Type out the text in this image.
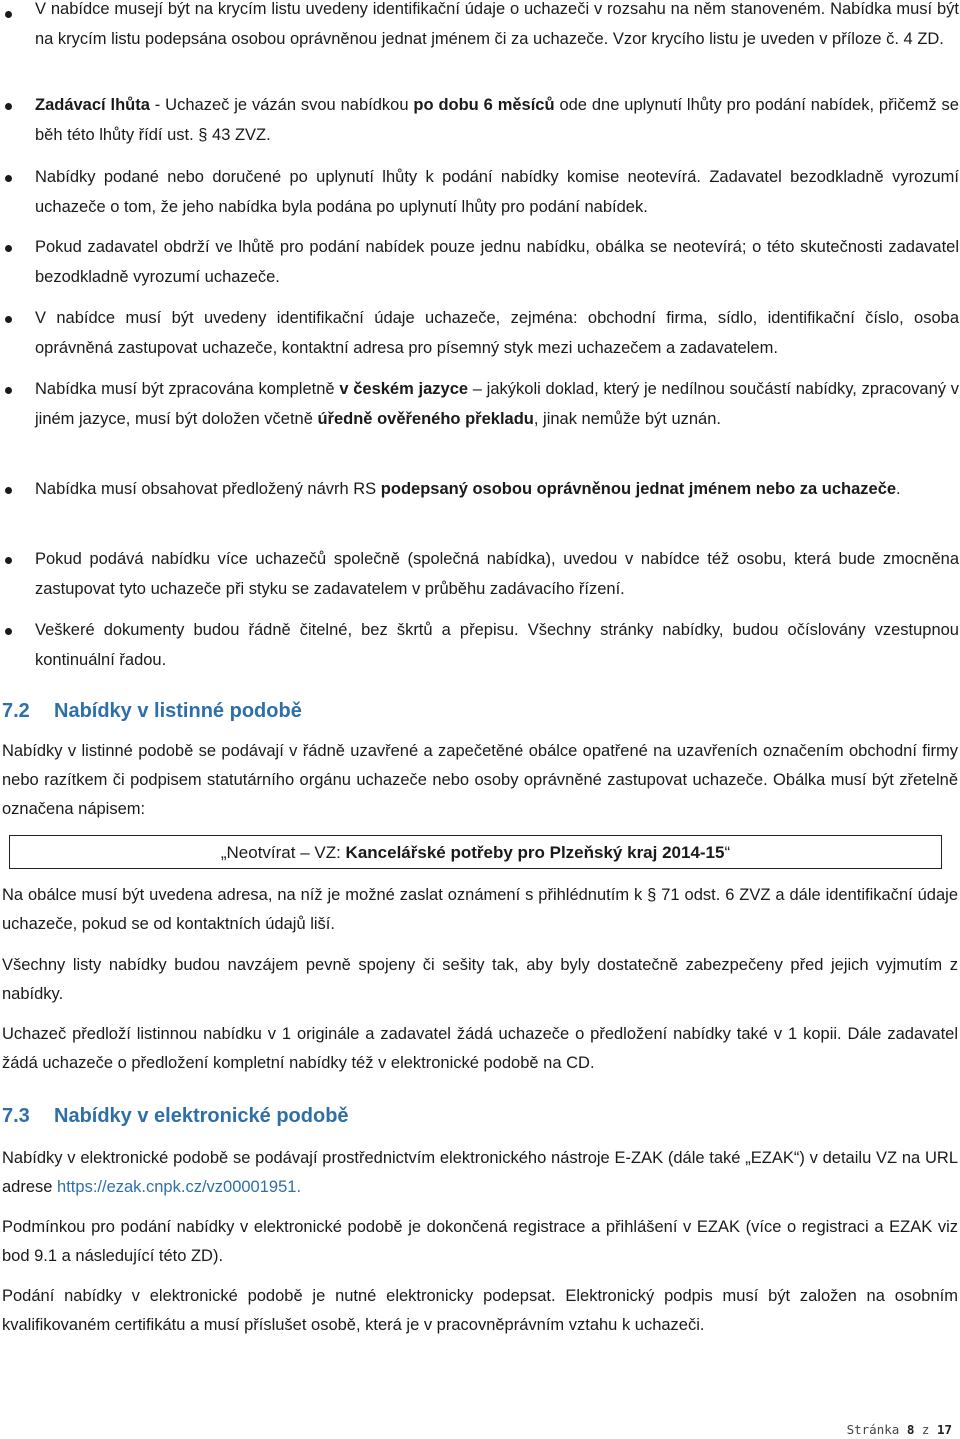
V nabídce musejí být na krycím listu uvedeny identifikační údaje o uchazeči v rozsahu na něm stanoveném. Nabídka musí být na krycím listu podepsána osobou oprávněnou jednat jménem či za uchazeče. Vzor krycího listu je uveden v příloze č. 4 ZD.

Zadávací lhůta - Uchazeč je vázán svou nabídkou po dobu 6 měsíců ode dne uplynutí lhůty pro podání nabídek, přičemž se běh této lhůty řídí ust. § 43 ZVZ.

Nabídky podané nebo doručené po uplynutí lhůty k podání nabídky komise neotevírá. Zadavatel bezodkladně vyrozumí uchazeče o tom, že jeho nabídka byla podána po uplynutí lhůty pro podání nabídek.

Pokud zadavatel obdrží ve lhůtě pro podání nabídek pouze jednu nabídku, obálka se neotevírá; o této skutečnosti zadavatel bezodkladně vyrozumí uchazeče.

V nabídce musí být uvedeny identifikační údaje uchazeče, zejména: obchodní firma, sídlo, identifikační číslo, osoba oprávněná zastupovat uchazeče, kontaktní adresa pro písemný styk mezi uchazečem a zadavatelem.

Nabídka musí být zpracována kompletně v českém jazyce – jakýkoli doklad, který je nedílnou součástí nabídky, zpracovaný v jiném jazyce, musí být doložen včetně úředně ověřeného překladu, jinak nemůže být uznán.

Nabídka musí obsahovat předložený návrh RS podepsaný osobou oprávněnou jednat jménem nebo za uchazeče.

Pokud podává nabídku více uchazečů společně (společná nabídka), uvedou v nabídce též osobu, která bude zmocněna zastupovat tyto uchazeče při styku se zadavatelem v průběhu zadávacího řízení.

Veškeré dokumenty budou řádně čitelné, bez škrtů a přepisu. Všechny stránky nabídky, budou očíslovány vzestupnou kontinuální řadou.

7.2 Nabídky v listinné podobě

Nabídky v listinné podobě se podávají v řádně uzavřené a zapečetěné obálce opatřené na uzavřeních označením obchodní firmy nebo razítkem či podpisem statutárního orgánu uchazeče nebo osoby oprávněné zastupovat uchazeče. Obálka musí být zřetelně označena nápisem:

„Neotvírat – VZ: Kancelářské potřeby pro Plzeňský kraj 2014-15“

Na obálce musí být uvedena adresa, na níž je možné zaslat oznámení s přihlédnutím k § 71 odst. 6 ZVZ a dále identifikační údaje uchazeče, pokud se od kontaktních údajů liší.

Všechny listy nabídky budou navzájem pevně spojeny či sešity tak, aby byly dostatečně zabezpečeny před jejich vyjmutím z nabídky.

Uchazeč předloží listinnou nabídku v 1 originále a zadavatel žádá uchazeče o předložení nabídky také v 1 kopii. Dále zadavatel žádá uchazeče o předložení kompletní nabídky též v elektronické podobě na CD.

7.3 Nabídky v elektronické podobě

Nabídky v elektronické podobě se podávají prostřednictvím elektronického nástroje E-ZAK (dále také „EZAK“) v detailu VZ na URL adrese https://ezak.cnpk.cz/vz00001951.

Podmínkou pro podání nabídky v elektronické podobě je dokončená registrace a přihlášení v EZAK (více o registraci a EZAK viz bod 9.1 a následující této ZD).

Podání nabídky v elektronické podobě je nutné elektronicky podepsat. Elektronický podpis musí být založen na osobním kvalifikovaném certifikátu a musí příslušet osobě, která je v pracovněprávním vztahu k uchazeči.

Stránka 8 z 17
